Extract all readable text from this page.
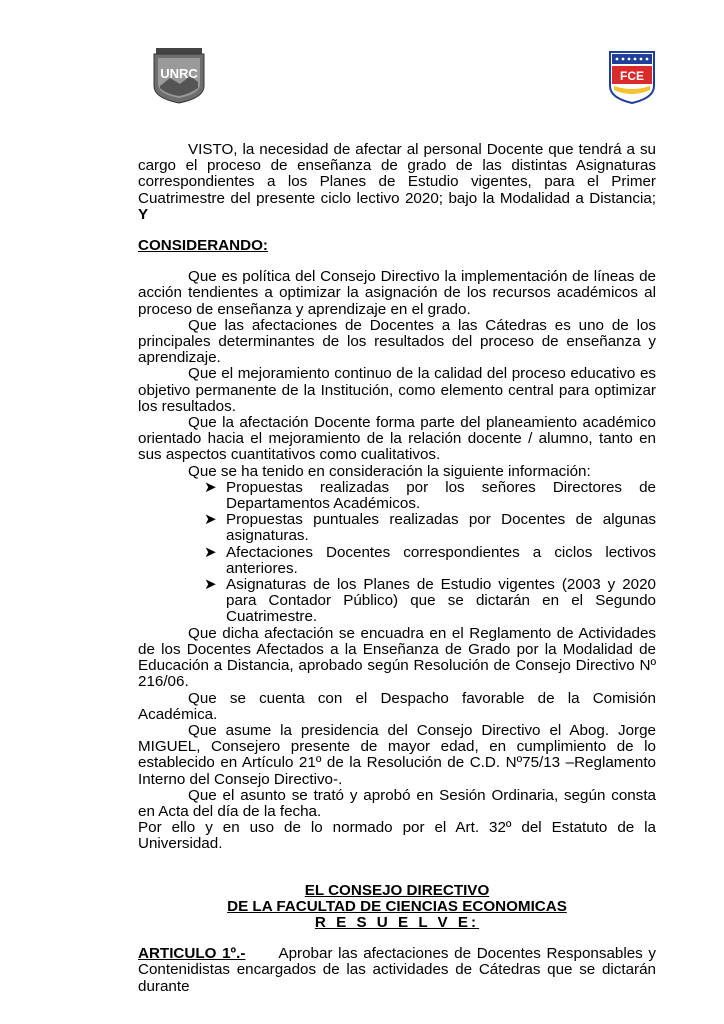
UNRC	FCE

VISTO, la necesidad de afectar al personal Docente que tendrá a su cargo el proceso de enseñanza de grado de las distintas Asignaturas correspondientes a los Planes de Estudio vigentes, para el Primer Cuatrimestre del presente ciclo lectivo 2020; bajo la Modalidad a Distancia; Y

CONSIDERANDO:

Que es política del Consejo Directivo la implementación de líneas de acción tendientes a optimizar la asignación de los recursos académicos al proceso de enseñanza y aprendizaje en el grado.

Que las afectaciones de Docentes a las Cátedras es uno de los principales determinantes de los resultados del proceso de enseñanza y aprendizaje.

Que el mejoramiento continuo de la calidad del proceso educativo es objetivo permanente de la Institución, como elemento central para optimizar los resultados.

Que la afectación Docente forma parte del planeamiento académico orientado hacia el mejoramiento de la relación docente / alumno, tanto en sus aspectos cuantitativos como cualitativos.

Que se ha tenido en consideración la siguiente información:

➤ Propuestas realizadas por los señores Directores de Departamentos Académicos.
➤ Propuestas puntuales realizadas por Docentes de algunas asignaturas.
➤ Afectaciones Docentes correspondientes a ciclos lectivos anteriores.
➤ Asignaturas de los Planes de Estudio vigentes (2003 y 2020 para Contador Público) que se dictarán en el Segundo Cuatrimestre.

Que dicha afectación se encuadra en el Reglamento de Actividades de los Docentes Afectados a la Enseñanza de Grado por la Modalidad de Educación a Distancia, aprobado según Resolución de Consejo Directivo Nº 216/06.

Que se cuenta con el Despacho favorable de la Comisión Académica.

Que asume la presidencia del Consejo Directivo el Abog. Jorge MIGUEL, Consejero presente de mayor edad, en cumplimiento de lo establecido en Artículo 21º de la Resolución de C.D. Nº75/13 –Reglamento Interno del Consejo Directivo-.

Que el asunto se trató y aprobó en Sesión Ordinaria, según consta en Acta del día de la fecha.

Por ello y en uso de lo normado por el Art. 32º del Estatuto de la Universidad.

EL CONSEJO DIRECTIVO

DE LA FACULTAD DE CIENCIAS ECONOMICAS

R E S U E L V E:

ARTICULO 1º.- Aprobar las afectaciones de Docentes Responsables y Contenidistas encargados de las actividades de Cátedras que se dictarán durante
